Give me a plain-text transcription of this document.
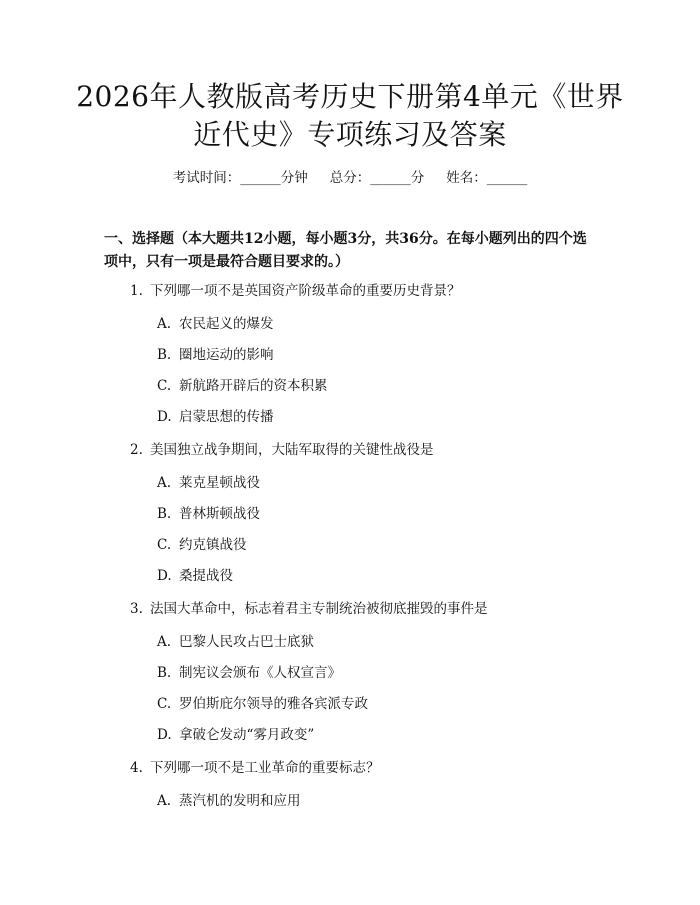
2026年人教版高考历史下册第4单元《世界
近代史》专项练习及答案
考试时间：______分钟 总分：______分 姓名：______
一、选择题（本大题共12小题，每小题3分，共36分。在每小题列出的四个选
项中，只有一项是最符合题目要求的。）
1. 下列哪一项不是英国资产阶级革命的重要历史背景？
A. 农民起义的爆发
B. 圈地运动的影响
C. 新航路开辟后的资本积累
D. 启蒙思想的传播
2. 美国独立战争期间，大陆军取得的关键性战役是
A. 莱克星顿战役
B. 普林斯顿战役
C. 约克镇战役
D. 桑提战役
3. 法国大革命中，标志着君主专制统治被彻底摧毁的事件是
A. 巴黎人民攻占巴士底狱
B. 制宪议会颁布《人权宣言》
C. 罗伯斯庇尔领导的雅各宾派专政
D. 拿破仑发动“雾月政变”
4. 下列哪一项不是工业革命的重要标志？
A. 蒸汽机的发明和应用
